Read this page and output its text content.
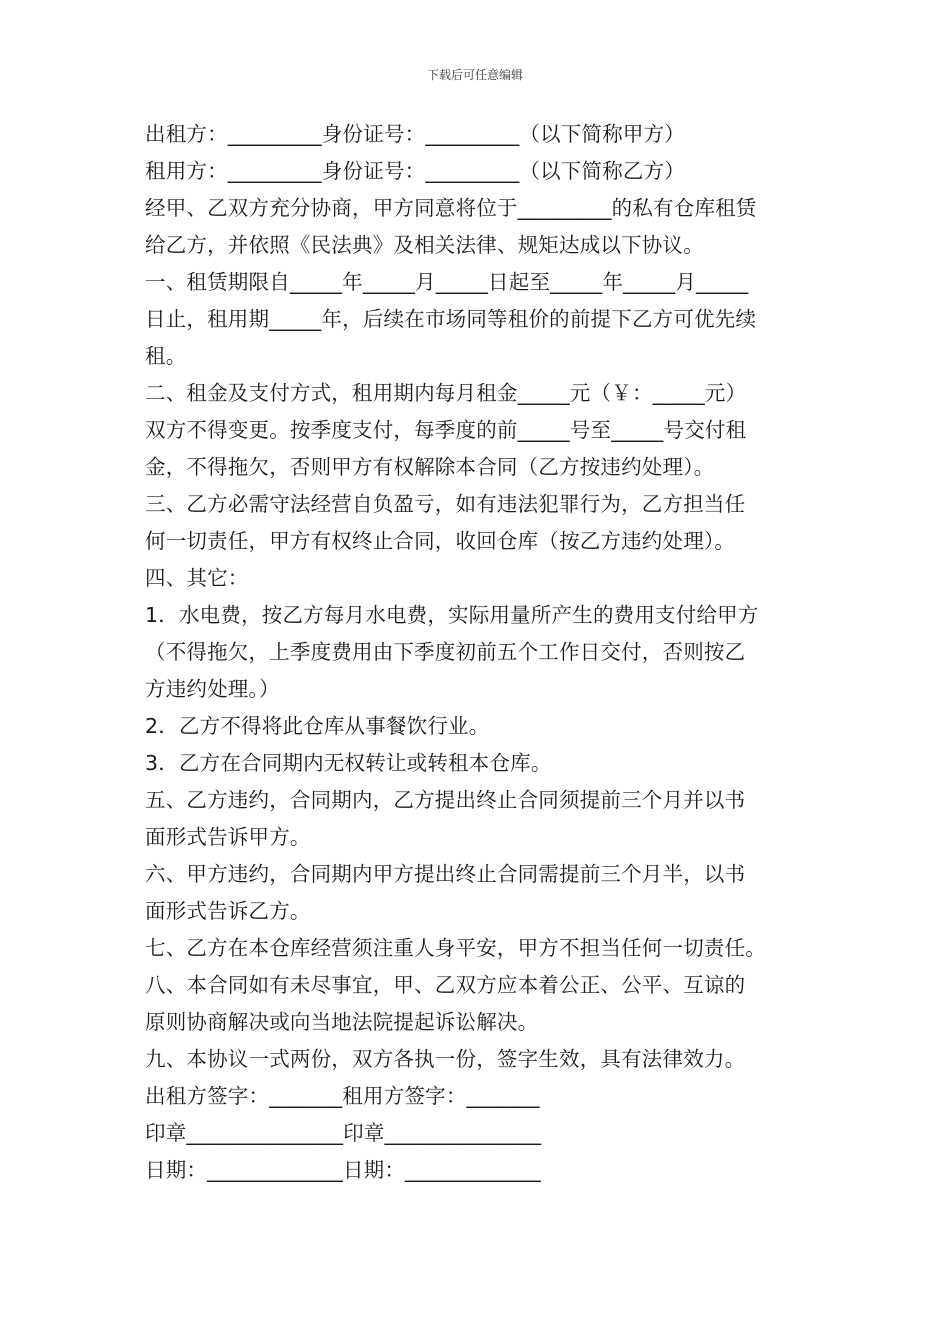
下载后可任意编辑
出租方：_________身份证号：_________（以下简称甲方）
租用方：_________身份证号：_________（以下简称乙方）
经甲、乙双方充分协商，甲方同意将位于_________的私有仓库租赁
给乙方，并依照《民法典》及相关法律、规矩达成以下协议。
一、租赁期限自_____年_____月_____日起至_____年_____月_____
日止，租用期_____年，后续在市场同等租价的前提下乙方可优先续
租。
二、租金及支付方式，租用期内每月租金_____元（￥：_____元）
双方不得变更。按季度支付，每季度的前_____号至_____号交付租
金，不得拖欠，否则甲方有权解除本合同（乙方按违约处理）。
三、乙方必需守法经营自负盈亏，如有违法犯罪行为，乙方担当任
何一切责任，甲方有权终止合同，收回仓库（按乙方违约处理）。
四、其它：
1．水电费，按乙方每月水电费，实际用量所产生的费用支付给甲方
（不得拖欠，上季度费用由下季度初前五个工作日交付，否则按乙
方违约处理。）
2．乙方不得将此仓库从事餐饮行业。
3．乙方在合同期内无权转让或转租本仓库。
五、乙方违约，合同期内，乙方提出终止合同须提前三个月并以书
面形式告诉甲方。
六、甲方违约，合同期内甲方提出终止合同需提前三个月半，以书
面形式告诉乙方。
七、乙方在本仓库经营须注重人身平安，甲方不担当任何一切责任。
八、本合同如有未尽事宜，甲、乙双方应本着公正、公平、互谅的
原则协商解决或向当地法院提起诉讼解决。
九、本协议一式两份，双方各执一份，签字生效，具有法律效力。
出租方签字：_______租用方签字：_______
印章_______________印章_______________
日期：_____________日期：_____________
